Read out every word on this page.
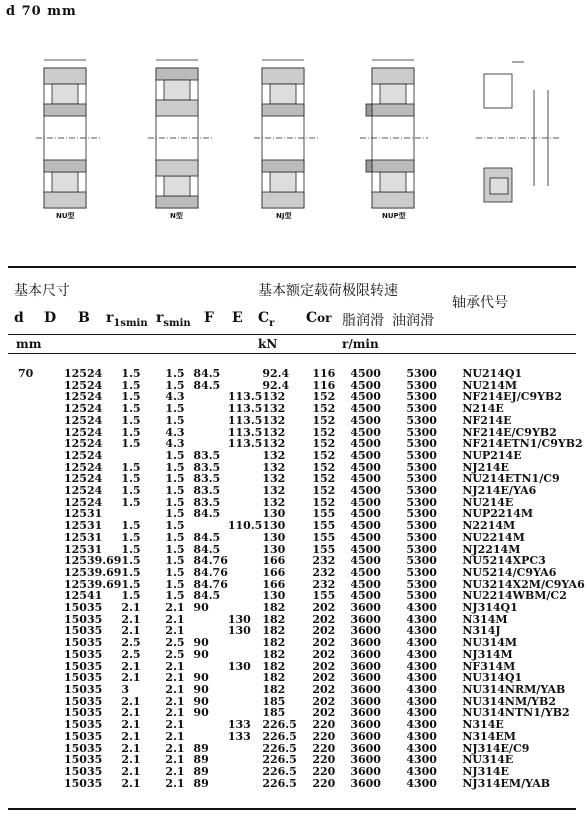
d 70 mm
NU型	N型	NJ型	NUP型
基本尺寸	基本额定载荷 极限转速
轴承代号
d D B $r_{1smin}$ $r_{smin}$ F E $C_r$ Cor 脂润滑 油润滑
mm	kN	r/min
	70	125	24	1.5	1.5	84.5		92.4	116	4500	5300	NU214Q1
		125	24	1.5	1.5	84.5		92.4	116	4500	5300	NU214M
		125	24	1.5	4.3		113.5	132	152	4500	5300	NF214EJ/C9YB2
		125	24	1.5	1.5		113.5	132	152	4500	5300	N214E
		125	24	1.5	1.5		113.5	132	152	4500	5300	NF214E
		125	24	1.5	4.3		113.5	132	152	4500	5300	NF214E/C9YB2
		125	24	1.5	4.3		113.5	132	152	4500	5300	NF214ETN1/C9YB2
		125	24		1.5	83.5		132	152	4500	5300	NUP214E
		125	24	1.5	1.5	83.5		132	152	4500	5300	NJ214E
		125	24	1.5	1.5	83.5		132	152	4500	5300	NU214ETN1/C9
		125	24	1.5	1.5	83.5		132	152	4500	5300	NJ214E/YA6
		125	24	1.5	1.5	83.5		132	152	4500	5300	NU214E
		125	31		1.5	84.5		130	155	4500	5300	NUP2214M
		125	31	1.5	1.5		110.5	130	155	4500	5300	N2214M
		125	31	1.5	1.5	84.5		130	155	4500	5300	NU2214M
		125	31	1.5	1.5	84.5		130	155	4500	5300	NJ2214M
		125	39.69	1.5	1.5	84.76		166	232	4500	5300	NU5214XPC3
		125	39.69	1.5	1.5	84.76		166	232	4500	5300	NU5214/C9YA6
		125	39.69	1.5	1.5	84.76		166	232	4500	5300	NU3214X2M/C9YA6
		125	41	1.5	1.5	84.5		130	155	4500	5300	NU2214WBM/C2
		150	35	2.1	2.1	90		182	202	3600	4300	NJ314Q1
		150	35	2.1	2.1		130	182	202	3600	4300	N314M
		150	35	2.1	2.1		130	182	202	3600	4300	N314J
		150	35	2.5	2.5	90		182	202	3600	4300	NU314M
		150	35	2.5	2.5	90		182	202	3600	4300	NJ314M
		150	35	2.1	2.1		130	182	202	3600	4300	NF314M
		150	35	2.1	2.1	90		182	202	3600	4300	NU314Q1
		150	35	3	2.1	90		182	202	3600	4300	NU314NRM/YAB
		150	35	2.1	2.1	90		185	202	3600	4300	NU314NM/YB2
		150	35	2.1	2.1	90		185	202	3600	4300	NU314NTN1/YB2
		150	35	2.1	2.1		133	226.5	220	3600	4300	N314E
		150	35	2.1	2.1		133	226.5	220	3600	4300	N314EM
		150	35	2.1	2.1	89		226.5	220	3600	4300	NJ314E/C9
		150	35	2.1	2.1	89		226.5	220	3600	4300	NU314E
		150	35	2.1	2.1	89		226.5	220	3600	4300	NJ314E
		150	35	2.1	2.1	89		226.5	220	3600	4300	NJ314EM/YAB
